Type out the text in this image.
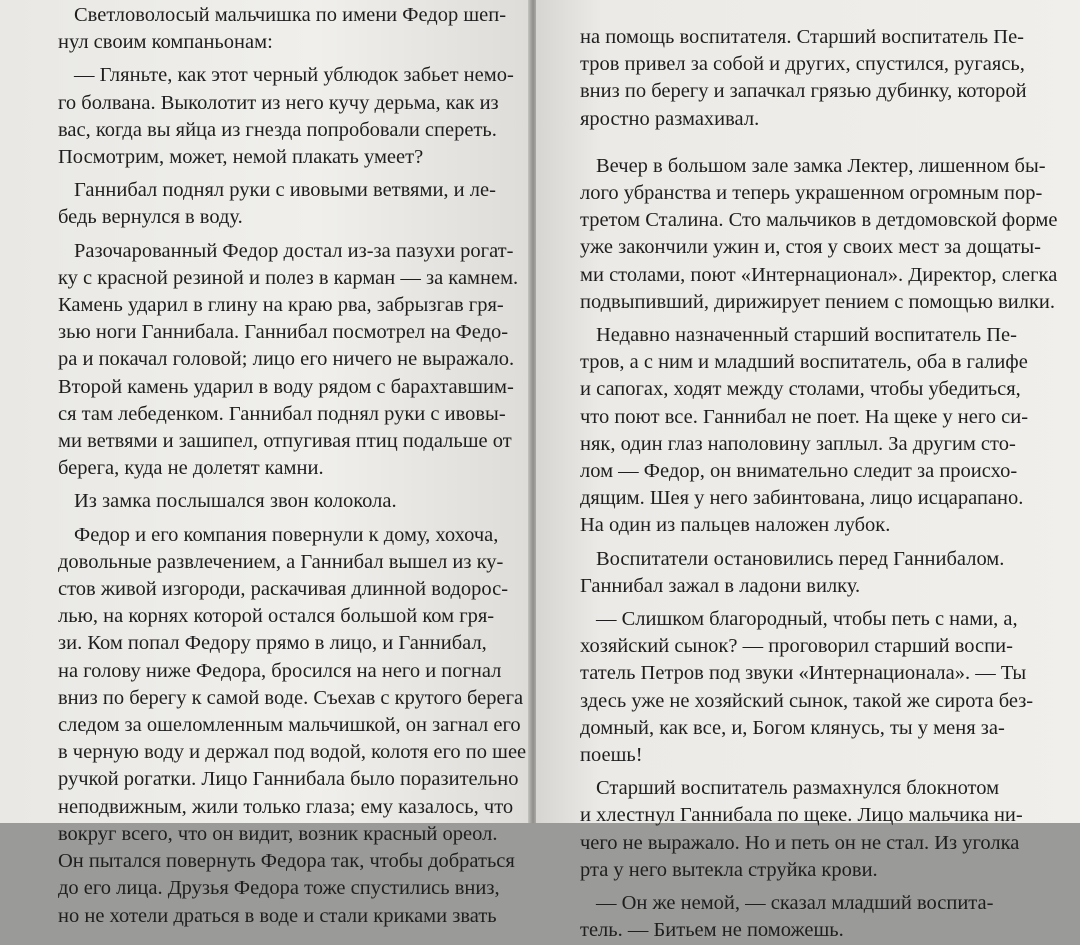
Светловолосый мальчишка по имени Федор шеп-
нул своим компаньонам:
— Гляньте, как этот черный ублюдок забьет немо-
го болвана. Выколотит из него кучу дерьма, как из
вас, когда вы яйца из гнезда попробовали спереть.
Посмотрим, может, немой плакать умеет?
Ганнибал поднял руки с ивовыми ветвями, и ле-
бедь вернулся в воду.
Разочарованный Федор достал из-за пазухи рогат-
ку с красной резиной и полез в карман — за камнем.
Камень ударил в глину на краю рва, забрызгав гря-
зью ноги Ганнибала. Ганнибал посмотрел на Федо-
ра и покачал головой; лицо его ничего не выражало.
Второй камень ударил в воду рядом с барахтавшим-
ся там лебеденком. Ганнибал поднял руки с ивовы-
ми ветвями и зашипел, отпугивая птиц подальше от
берега, куда не долетят камни.
Из замка послышался звон колокола.
Федор и его компания повернули к дому, хохоча,
довольные развлечением, а Ганнибал вышел из ку-
стов живой изгороди, раскачивая длинной водорос-
лью, на корнях которой остался большой ком гря-
зи. Ком попал Федору прямо в лицо, и Ганнибал,
на голову ниже Федора, бросился на него и погнал
вниз по берегу к самой воде. Съехав с крутого берега
следом за ошеломленным мальчишкой, он загнал его
в черную воду и держал под водой, колотя его по шее
ручкой рогатки. Лицо Ганнибала было поразительно
неподвижным, жили только глаза; ему казалось, что
вокруг всего, что он видит, возник красный ореол.
Он пытался повернуть Федора так, чтобы добраться
до его лица. Друзья Федора тоже спустились вниз,
но не хотели драться в воде и стали криками звать
на помощь воспитателя. Старший воспитатель Пе-
тров привел за собой и других, спустился, ругаясь,
вниз по берегу и запачкал грязью дубинку, которой
яростно размахивал.
Вечер в большом зале замка Лектер, лишенном бы-
лого убранства и теперь украшенном огромным пор-
третом Сталина. Сто мальчиков в детдомовской форме
уже закончили ужин и, стоя у своих мест за дощаты-
ми столами, поют «Интернационал». Директор, слегка
подвыпивший, дирижирует пением с помощью вилки.
Недавно назначенный старший воспитатель Пе-
тров, а с ним и младший воспитатель, оба в галифе
и сапогах, ходят между столами, чтобы убедиться,
что поют все. Ганнибал не поет. На щеке у него си-
няк, один глаз наполовину заплыл. За другим сто-
лом — Федор, он внимательно следит за происхо-
дящим. Шея у него забинтована, лицо исцарапано.
На один из пальцев наложен лубок.
Воспитатели остановились перед Ганнибалом.
Ганнибал зажал в ладони вилку.
— Слишком благородный, чтобы петь с нами, а,
хозяйский сынок? — проговорил старший воспи-
татель Петров под звуки «Интернационала». — Ты
здесь уже не хозяйский сынок, такой же сирота без-
домный, как все, и, Богом клянусь, ты у меня за-
поешь!
Старший воспитатель размахнулся блокнотом
и хлестнул Ганнибала по щеке. Лицо мальчика ни-
чего не выражало. Но и петь он не стал. Из уголка
рта у него вытекла струйка крови.
— Он же немой, — сказал младший воспита-
тель. — Битьем не поможешь.
